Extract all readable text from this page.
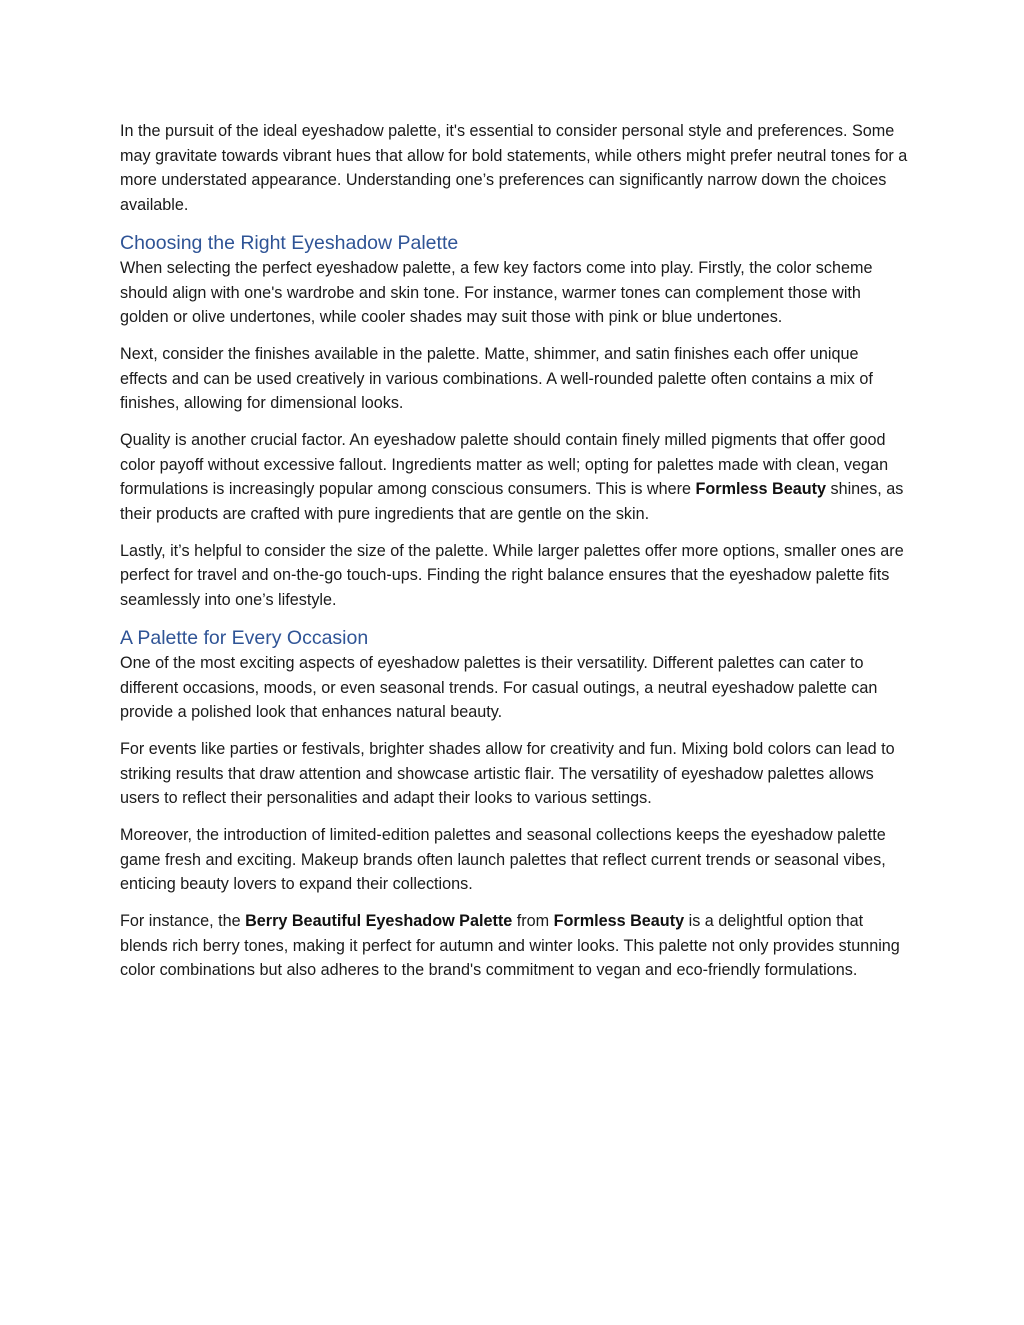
In the pursuit of the ideal eyeshadow palette, it's essential to consider personal style and preferences. Some may gravitate towards vibrant hues that allow for bold statements, while others might prefer neutral tones for a more understated appearance. Understanding one’s preferences can significantly narrow down the choices available.

Choosing the Right Eyeshadow Palette

When selecting the perfect eyeshadow palette, a few key factors come into play. Firstly, the color scheme should align with one's wardrobe and skin tone. For instance, warmer tones can complement those with golden or olive undertones, while cooler shades may suit those with pink or blue undertones.

Next, consider the finishes available in the palette. Matte, shimmer, and satin finishes each offer unique effects and can be used creatively in various combinations. A well-rounded palette often contains a mix of finishes, allowing for dimensional looks.

Quality is another crucial factor. An eyeshadow palette should contain finely milled pigments that offer good color payoff without excessive fallout. Ingredients matter as well; opting for palettes made with clean, vegan formulations is increasingly popular among conscious consumers. This is where Formless Beauty shines, as their products are crafted with pure ingredients that are gentle on the skin.

Lastly, it’s helpful to consider the size of the palette. While larger palettes offer more options, smaller ones are perfect for travel and on-the-go touch-ups. Finding the right balance ensures that the eyeshadow palette fits seamlessly into one’s lifestyle.

A Palette for Every Occasion

One of the most exciting aspects of eyeshadow palettes is their versatility. Different palettes can cater to different occasions, moods, or even seasonal trends. For casual outings, a neutral eyeshadow palette can provide a polished look that enhances natural beauty.

For events like parties or festivals, brighter shades allow for creativity and fun. Mixing bold colors can lead to striking results that draw attention and showcase artistic flair. The versatility of eyeshadow palettes allows users to reflect their personalities and adapt their looks to various settings.

Moreover, the introduction of limited-edition palettes and seasonal collections keeps the eyeshadow palette game fresh and exciting. Makeup brands often launch palettes that reflect current trends or seasonal vibes, enticing beauty lovers to expand their collections.

For instance, the Berry Beautiful Eyeshadow Palette from Formless Beauty is a delightful option that blends rich berry tones, making it perfect for autumn and winter looks. This palette not only provides stunning color combinations but also adheres to the brand's commitment to vegan and eco-friendly formulations.
